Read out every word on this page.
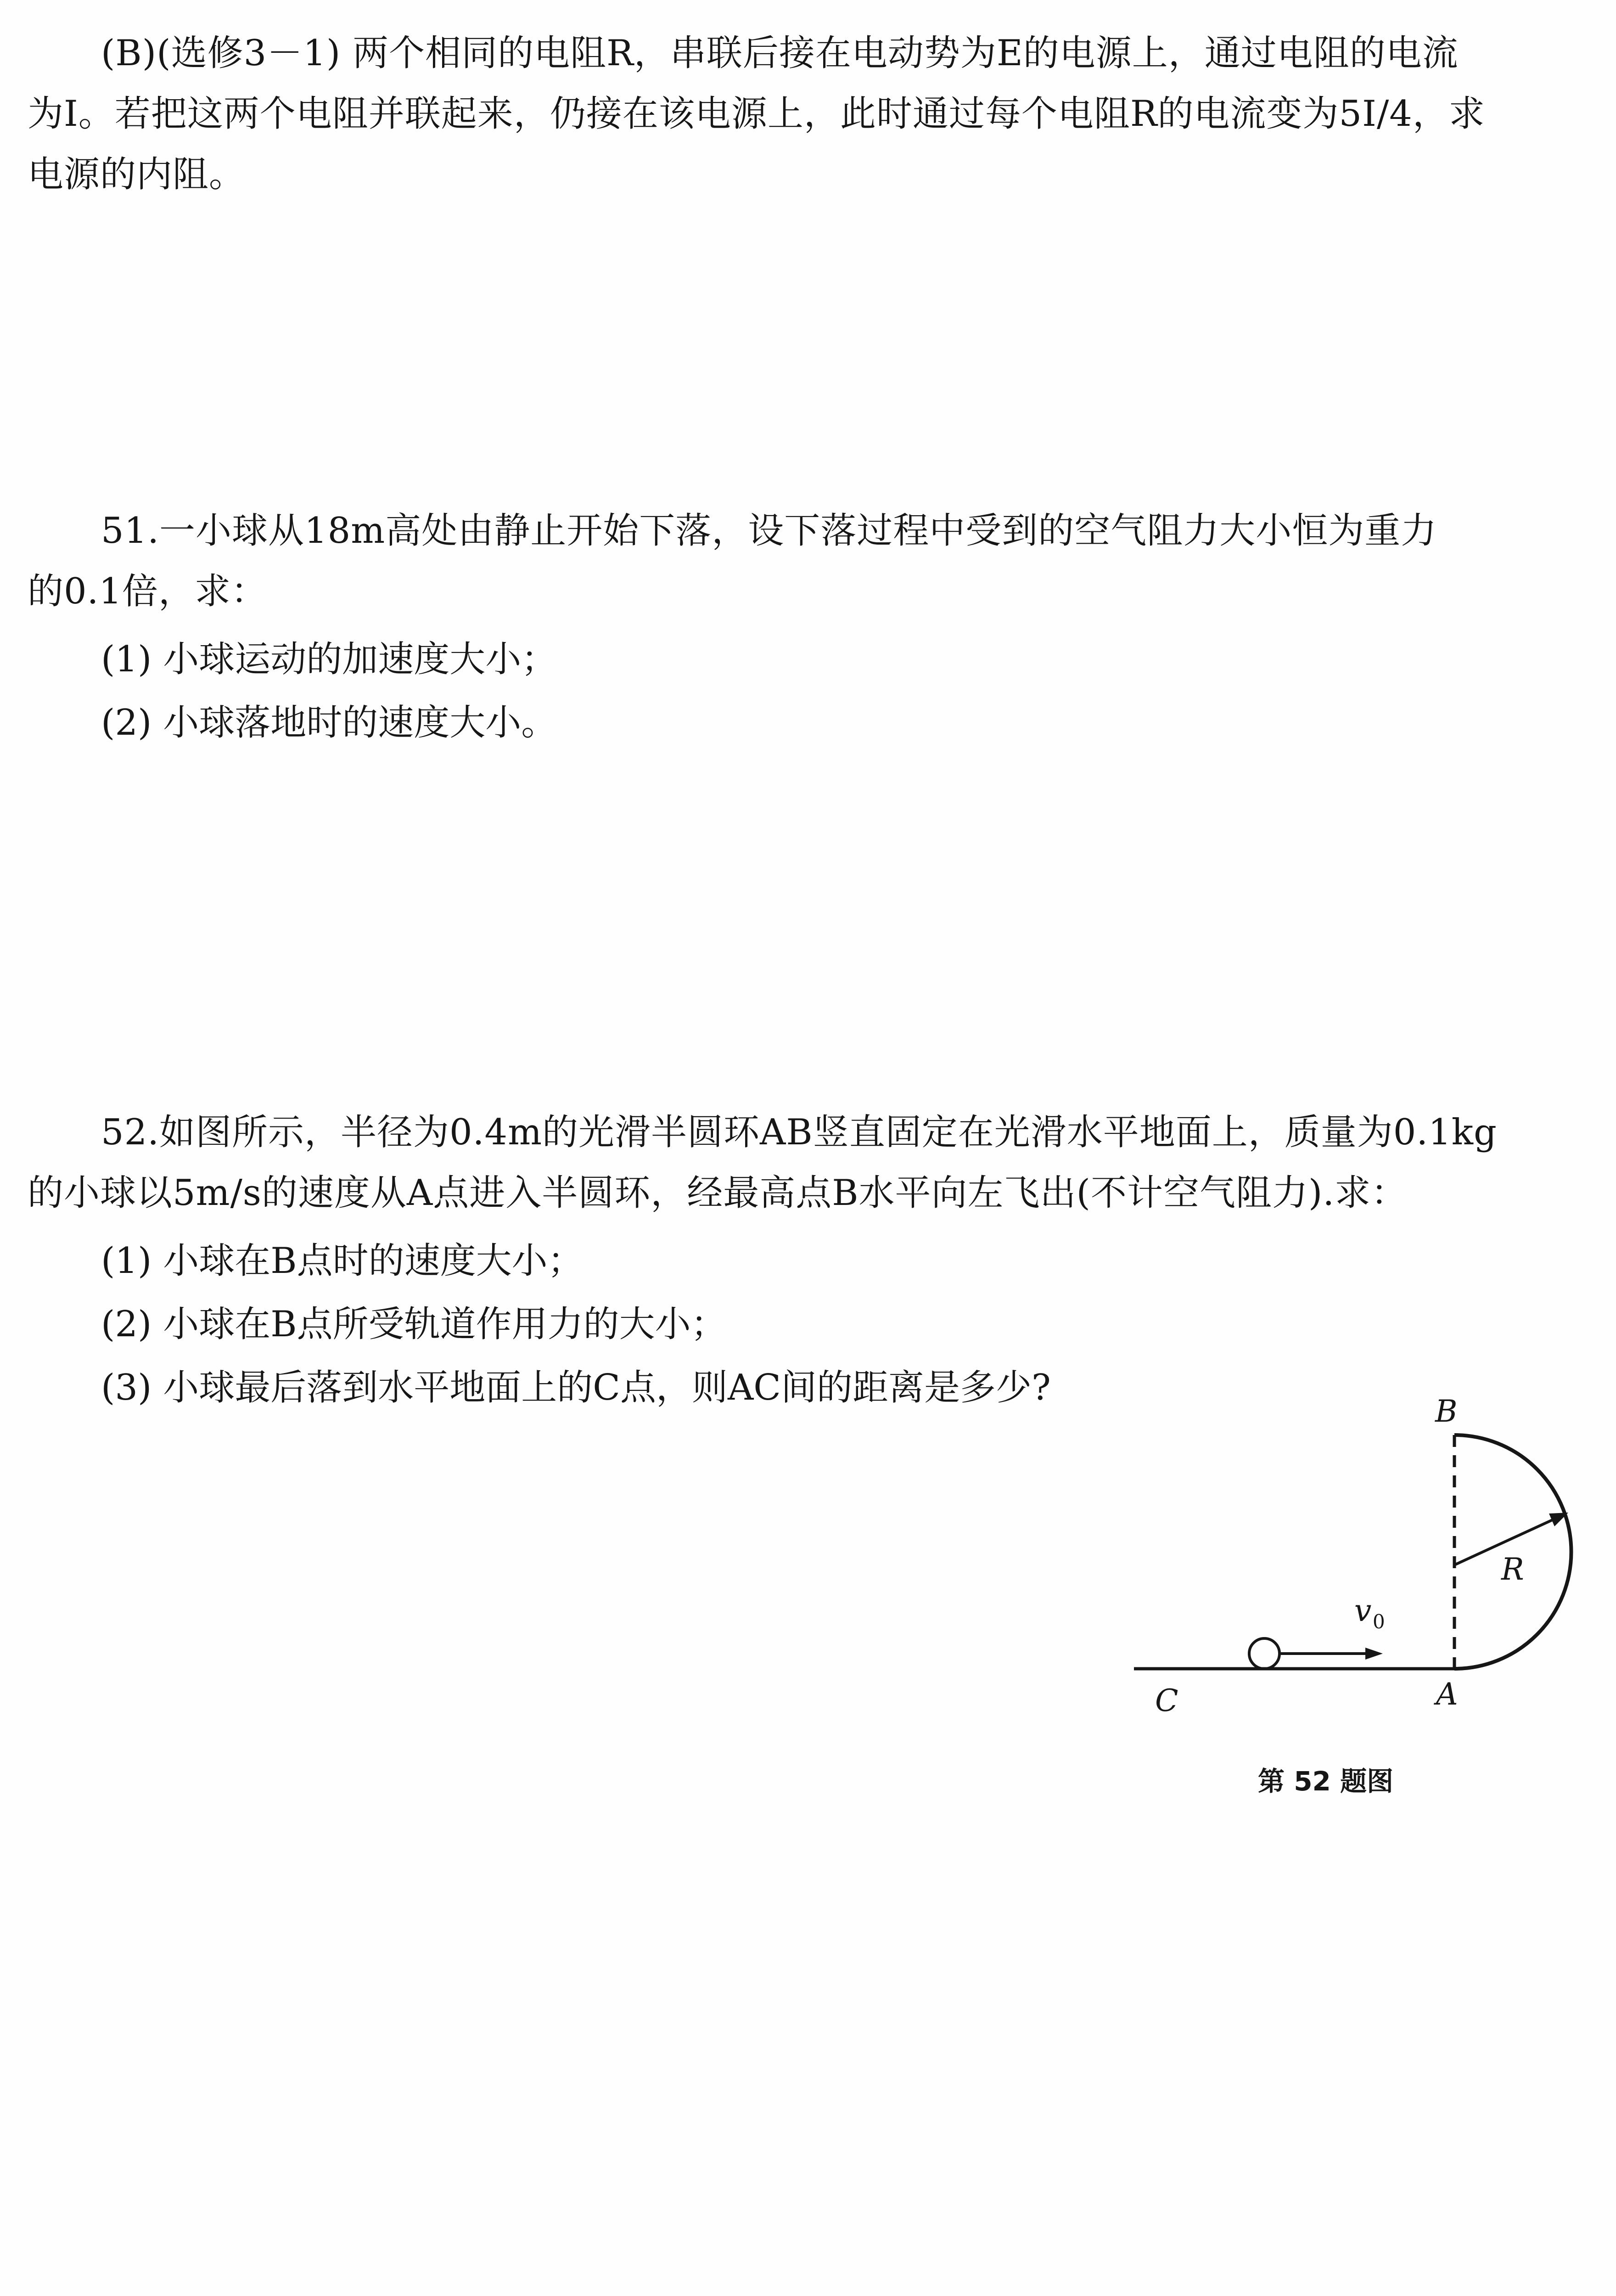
(B)(选修3－1) 两个相同的电阻R，串联后接在电动势为E的电源上，通过电阻的电流
为I。若把这两个电阻并联起来，仍接在该电源上，此时通过每个电阻R的电流变为5I/4，求
电源的内阻。
51.一小球从18m高处由静止开始下落，设下落过程中受到的空气阻力大小恒为重力
的0.1倍，求：
(1) 小球运动的加速度大小；
(2) 小球落地时的速度大小。
52.如图所示，半径为0.4m的光滑半圆环AB竖直固定在光滑水平地面上，质量为0.1kg
的小球以5m/s的速度从A点进入半圆环，经最高点B水平向左飞出(不计空气阻力).求：
(1) 小球在B点时的速度大小；
(2) 小球在B点所受轨道作用力的大小；
(3) 小球最后落到水平地面上的C点，则AC间的距离是多少?
B
R
v 0
C	A
第 52 题图
